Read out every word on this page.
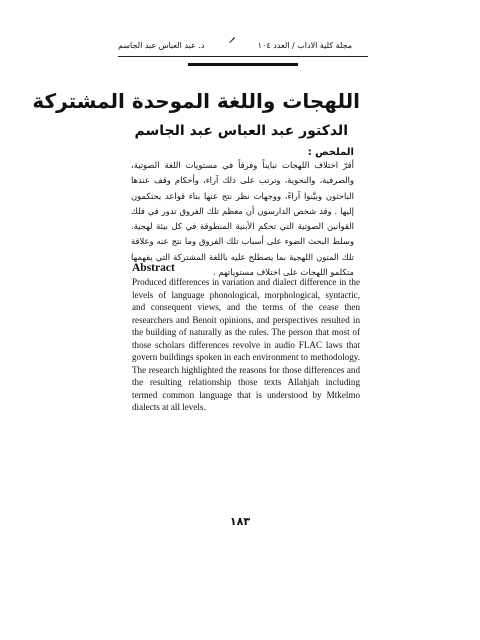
د. عبد العباس عبد الجاسم	مجلة كلية الاداب / العدد ١٠٤
اللهجات واللغة الموحدة المشتركة
الدكتور عبد العباس عبد الجاسم
الملخص :
أقرّ اختلاف اللهجات تبايناً وفرقاً في مستويات اللغة الصوتية، والصرفية، والنحوية، وترتب على ذلك آراء، وأحكام وقف عندها الباحثون وبيَّنوا آراءً، ووجهات نظر نتج عنها بناء قواعد يحتكمون إليها . وقد شخص الدارسون أن معظم تلك الفروق تدور في فلك القوانين الصوتية التي تحكم الأبنية المنطوقة في كل بيئة لهجية. وسلط البحث الضوء على أسباب تلك الفروق وما نتج عنه وعلاقة تلك المتون اللهجية بما يصطلح عليه باللغة المشتركة التي يفهمها متكلمو اللهجات على اختلاف مستوياتهم .
Abstract
Produced differences in variation and dialect difference in the levels of language phonological, morphological, syntactic, and consequent views, and the terms of the cease then researchers and Benoit opinions, and perspectives resulted in the building of naturally as the rules. The person that most of those scholars differences revolve in audio FLAC laws that govern buildings spoken in each environment to methodology. The research highlighted the reasons for those differences and the resulting relationship those texts Allahjah including termed common language that is understood by Mtkelmo dialects at all levels.
١٨٣
